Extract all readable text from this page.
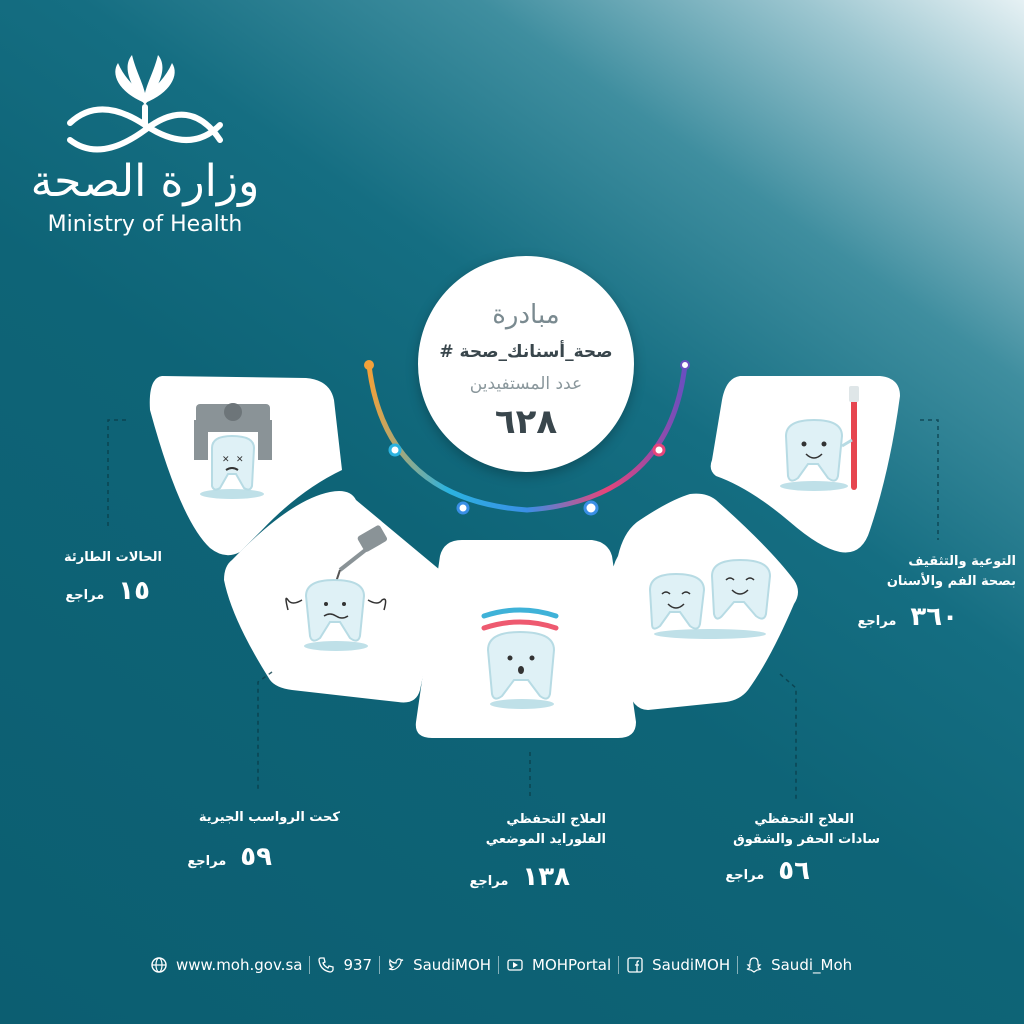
وزارة الصحة
Ministry of Health
مبادرة
# صحة_أسنانك_صحة
عدد المستفيدين
٦٢٨
✕ ✕
الحالات الطارئة
١٥مراجع
كحت الرواسب الجيرية
٥٩مراجع
العلاج التحفظي
الفلورايد الموضعي
١٣٨مراجع
العلاج التحفظي
سادات الحفر والشقوق
٥٦مراجع
التوعية والتثقيف
بصحة الفم والأسنان
٣٦٠مراجع
www.moh.gov.sa	937	SaudiMOH	MOHPortal	SaudiMOH	Saudi_Moh
